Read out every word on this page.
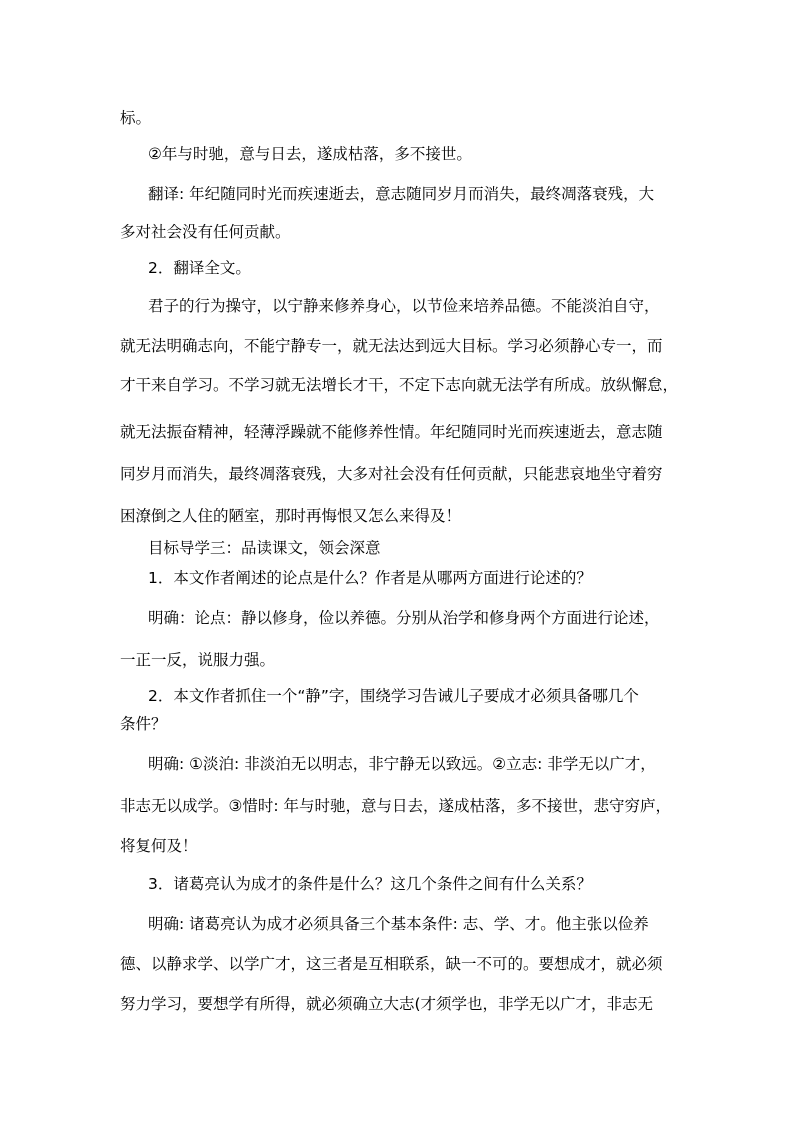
标。
②年与时驰，意与日去，遂成枯落，多不接世。
翻译: 年纪随同时光而疾速逝去，意志随同岁月而消失，最终凋落衰残，大
多对社会没有任何贡献。
2．翻译全文。
君子的行为操守，以宁静来修养身心，以节俭来培养品德。不能淡泊自守，
就无法明确志向，不能宁静专一，就无法达到远大目标。学习必须静心专一，而
才干来自学习。不学习就无法增长才干，不定下志向就无法学有所成。放纵懈怠，
就无法振奋精神，轻薄浮躁就不能修养性情。年纪随同时光而疾速逝去，意志随
同岁月而消失，最终凋落衰残，大多对社会没有任何贡献，只能悲哀地坐守着穷
困潦倒之人住的陋室，那时再悔恨又怎么来得及！
目标导学三：品读课文，领会深意
1．本文作者阐述的论点是什么？作者是从哪两方面进行论述的？
明确：论点：静以修身，俭以养德。分别从治学和修身两个方面进行论述，
一正一反，说服力强。
2．本文作者抓住一个“静”字，围绕学习告诫儿子要成才必须具备哪几个
条件？
明确: ①淡泊: 非淡泊无以明志，非宁静无以致远。②立志: 非学无以广才，
非志无以成学。③惜时: 年与时驰，意与日去，遂成枯落，多不接世，悲守穷庐，
将复何及！
3．诸葛亮认为成才的条件是什么？这几个条件之间有什么关系？
明确: 诸葛亮认为成才必须具备三个基本条件: 志、学、才。他主张以俭养
德、以静求学、以学广才，这三者是互相联系，缺一不可的。要想成才，就必须
努力学习，要想学有所得，就必须确立大志(才须学也，非学无以广才，非志无
